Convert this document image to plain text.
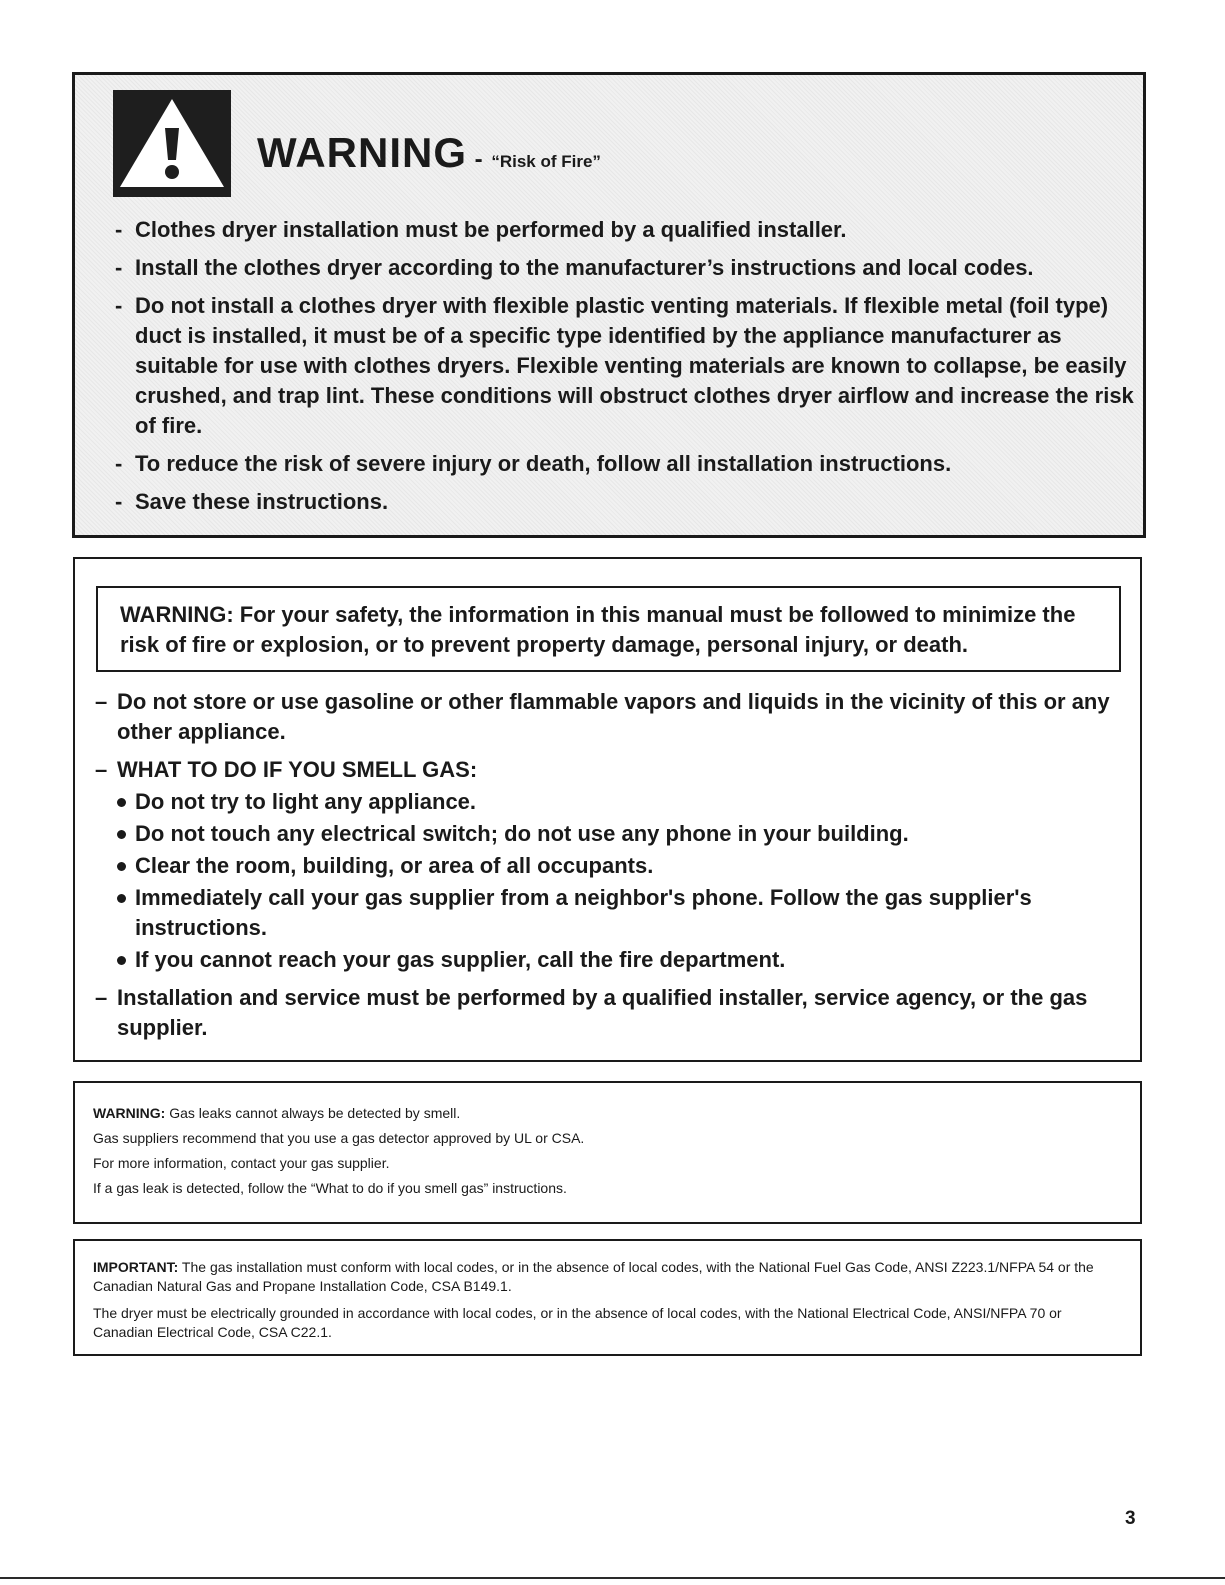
WARNING - “Risk of Fire”
- Clothes dryer installation must be performed by a qualified installer.
- Install the clothes dryer according to the manufacturer’s instructions and local codes.
- Do not install a clothes dryer with flexible plastic venting materials. If flexible metal (foil type) duct is installed, it must be of a specific type identified by the appliance manufacturer as suitable for use with clothes dryers. Flexible venting materials are known to collapse, be easily crushed, and trap lint. These conditions will obstruct clothes dryer airflow and increase the risk of fire.
- To reduce the risk of severe injury or death, follow all installation instructions.
- Save these instructions.

WARNING: For your safety, the information in this manual must be followed to minimize the risk of fire or explosion, or to prevent property damage, personal injury, or death.

– Do not store or use gasoline or other flammable vapors and liquids in the vicinity of this or any other appliance.
– WHAT TO DO IF YOU SMELL GAS:
Do not try to light any appliance.
Do not touch any electrical switch; do not use any phone in your building.
Clear the room, building, or area of all occupants.
Immediately call your gas supplier from a neighbor's phone. Follow the gas supplier's instructions.
If you cannot reach your gas supplier, call the fire department.
– Installation and service must be performed by a qualified installer, service agency, or the gas supplier.
WARNING: Gas leaks cannot always be detected by smell.
Gas suppliers recommend that you use a gas detector approved by UL or CSA.
For more information, contact your gas supplier.
If a gas leak is detected, follow the “What to do if you smell gas” instructions.

IMPORTANT: The gas installation must conform with local codes, or in the absence of local codes, with the National Fuel Gas Code, ANSI Z223.1/NFPA 54 or the Canadian Natural Gas and Propane Installation Code, CSA B149.1.

The dryer must be electrically grounded in accordance with local codes, or in the absence of local codes, with the National Electrical Code, ANSI/NFPA 70 or Canadian Electrical Code, CSA C22.1.

3
